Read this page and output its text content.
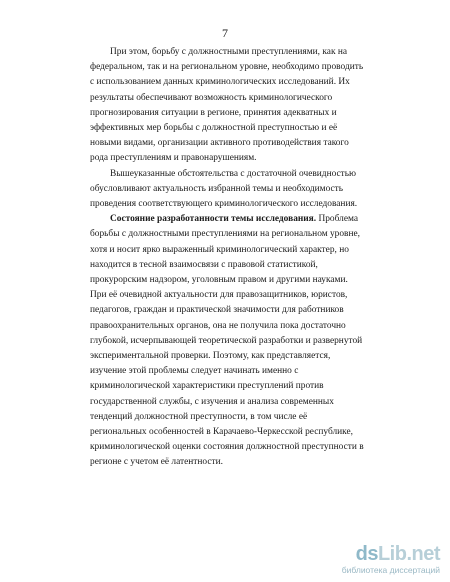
7

При этом, борьбу с должностными преступлениями, как на
федеральном, так и на региональном уровне, необходимо проводить
с использованием данных криминологических исследований. Их
результаты обеспечивают возможность криминологического
прогнозирования ситуации в регионе, принятия адекватных и
эффективных мер борьбы с должностной преступностью и её
новыми видами, организации активного противодействия такого
рода преступлениям и правонарушениям.

Вышеуказанные обстоятельства с достаточной очевидностью
обусловливают актуальность избранной темы и необходимость
проведения соответствующего криминологического исследования.

Состояние разработанности темы исследования. Проблема
борьбы с должностными преступлениями на региональном уровне,
хотя и носит ярко выраженный криминологический характер, но
находится в тесной взаимосвязи с правовой статистикой,
прокурорским надзором, уголовным правом и другими науками.
При её очевидной актуальности для правозащитников, юристов,
педагогов, граждан и практической значимости для работников
правоохранительных органов, она не получила пока достаточно
глубокой, исчерпывающей теоретической разработки и развернутой
экспериментальной проверки. Поэтому, как представляется,
изучение этой проблемы следует начинать именно с
криминологической характеристики преступлений против
государственной службы, с изучения и анализа современных
тенденций должностной преступности, в том числе её
региональных особенностей в Карачаево-Черкесской республике,
криминологической оценки состояния должностной преступности в
регионе с учетом её латентности.

dsLib.net
библиотека диссертаций
